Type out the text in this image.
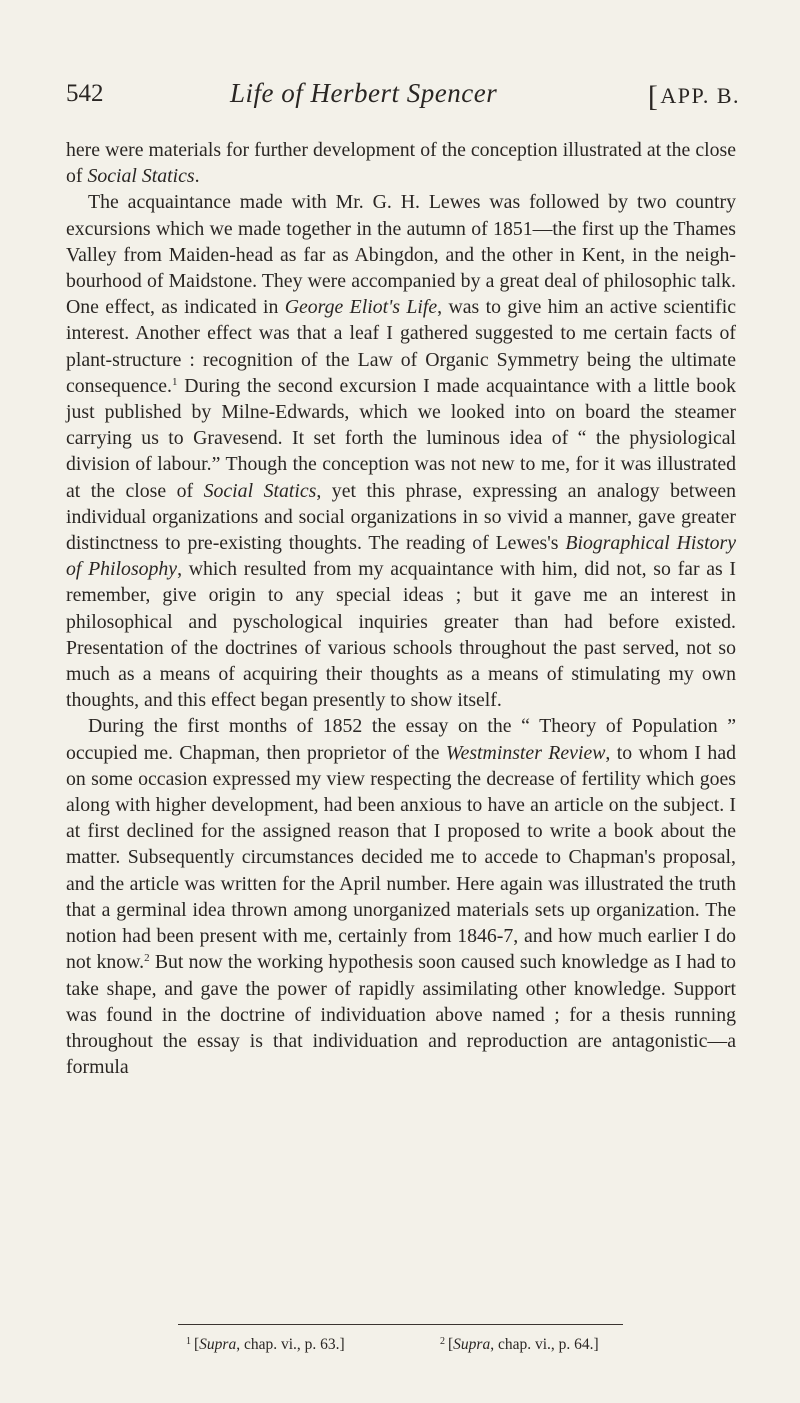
542	Life of Herbert Spencer	[APP. B.

here were materials for further development of the conception illustrated at the close of Social Statics.

The acquaintance made with Mr. G. H. Lewes was followed by two country excursions which we made together in the autumn of 1851—the first up the Thames Valley from Maiden-head as far as Abingdon, and the other in Kent, in the neigh-bourhood of Maidstone. They were accompanied by a great deal of philosophic talk. One effect, as indicated in George Eliot's Life, was to give him an active scientific interest. Another effect was that a leaf I gathered suggested to me certain facts of plant-structure : recognition of the Law of Organic Symmetry being the ultimate consequence.$^1$ During the second excursion I made acquaintance with a little book just published by Milne-Edwards, which we looked into on board the steamer carrying us to Gravesend. It set forth the luminous idea of “ the physiological division of labour.” Though the conception was not new to me, for it was illustrated at the close of Social Statics, yet this phrase, expressing an analogy between individual organizations and social organizations in so vivid a manner, gave greater distinctness to pre-existing thoughts. The reading of Lewes's Biographical History of Philosophy, which resulted from my acquaintance with him, did not, so far as I remember, give origin to any special ideas ; but it gave me an interest in philosophical and pyschological inquiries greater than had before existed. Presentation of the doctrines of various schools throughout the past served, not so much as a means of acquiring their thoughts as a means of stimulating my own thoughts, and this effect began presently to show itself.

During the first months of 1852 the essay on the “ Theory of Population ” occupied me. Chapman, then proprietor of the Westminster Review, to whom I had on some occasion expressed my view respecting the decrease of fertility which goes along with higher development, had been anxious to have an article on the subject. I at first declined for the assigned reason that I proposed to write a book about the matter. Subsequently circumstances decided me to accede to Chapman's proposal, and the article was written for the April number. Here again was illustrated the truth that a germinal idea thrown among unorganized materials sets up organization. The notion had been present with me, certainly from 1846-7, and how much earlier I do not know.$^2$ But now the working hypothesis soon caused such knowledge as I had to take shape, and gave the power of rapidly assimilating other knowledge. Support was found in the doctrine of individuation above named ; for a thesis running throughout the essay is that individuation and reproduction are antagonistic—a formula

$^1$ [Supra, chap. vi., p. 63.]	$^2$ [Supra, chap. vi., p. 64.]
